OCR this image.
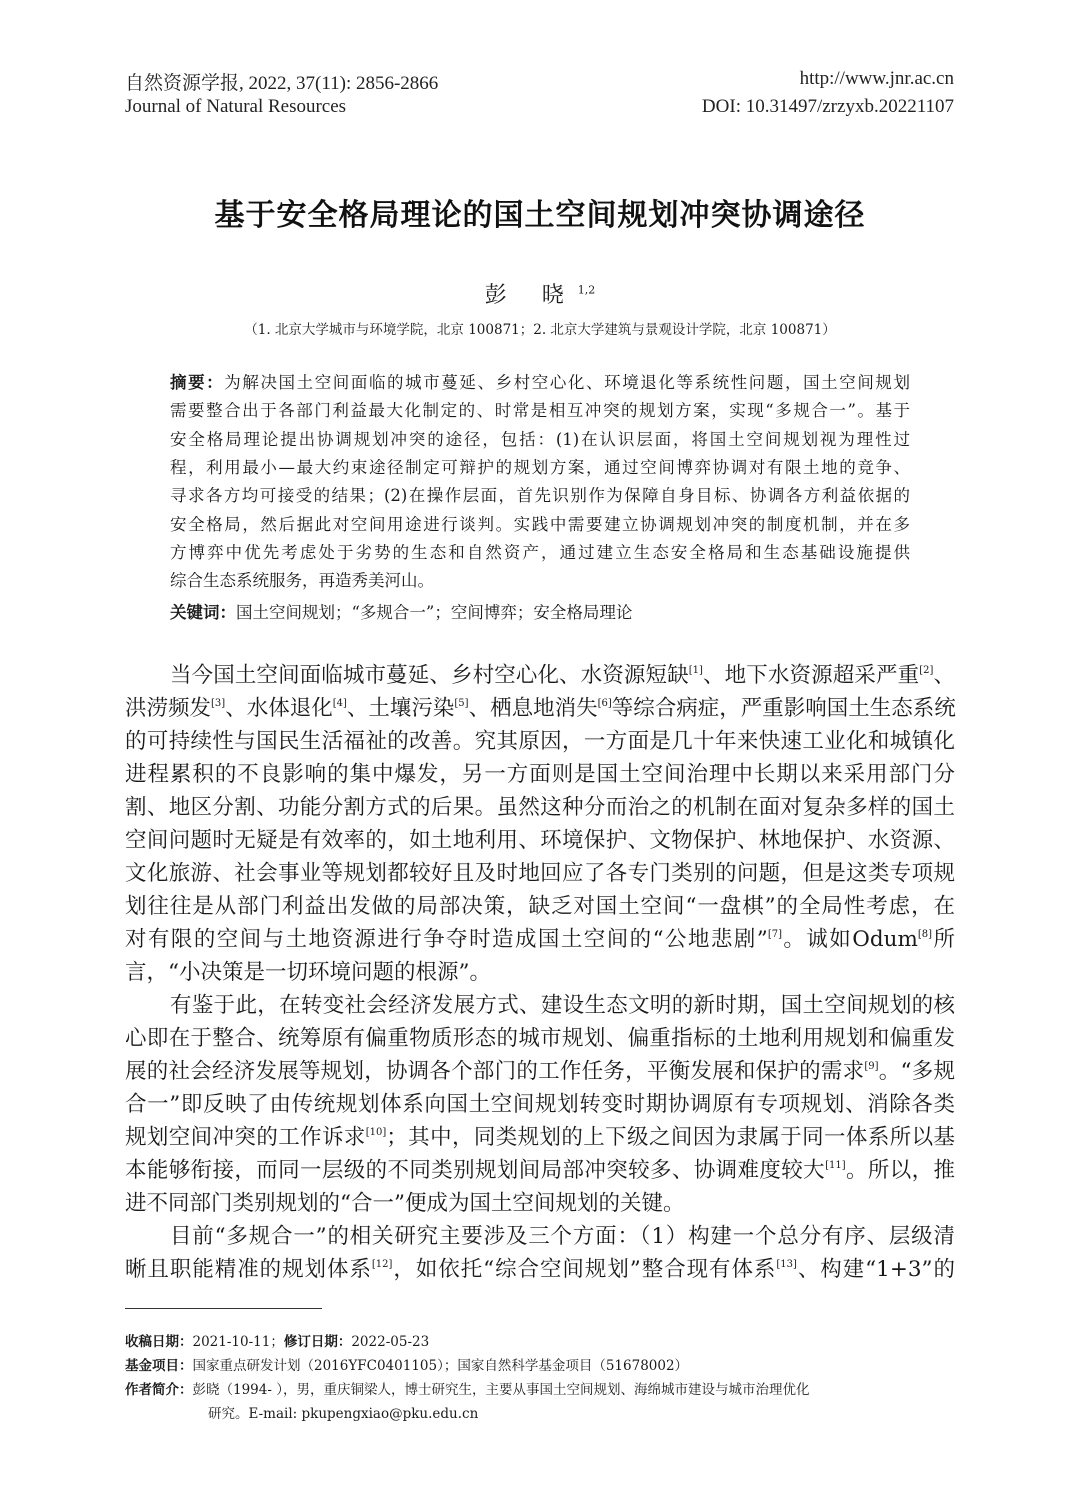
自然资源学报, 2022, 37(11): 2856-2866
Journal of Natural Resources
http://www.jnr.ac.cn
DOI: 10.31497/zrzyxb.20221107
基于安全格局理论的国土空间规划冲突协调途径
彭 晓$^{1,2}$
（1. 北京大学城市与环境学院，北京 100871；2. 北京大学建筑与景观设计学院，北京 100871）
摘要：为解决国土空间面临的城市蔓延、乡村空心化、环境退化等系统性问题，国土空间规划
需要整合出于各部门利益最大化制定的、时常是相互冲突的规划方案，实现“多规合一”。基于
安全格局理论提出协调规划冲突的途径，包括：(1)在认识层面，将国土空间规划视为理性过
程，利用最小—最大约束途径制定可辩护的规划方案，通过空间博弈协调对有限土地的竞争、
寻求各方均可接受的结果；(2)在操作层面，首先识别作为保障自身目标、协调各方利益依据的
安全格局，然后据此对空间用途进行谈判。实践中需要建立协调规划冲突的制度机制，并在多
方博弈中优先考虑处于劣势的生态和自然资产，通过建立生态安全格局和生态基础设施提供
综合生态系统服务，再造秀美河山。
关键词：国土空间规划；“多规合一”；空间博弈；安全格局理论
当今国土空间面临城市蔓延、乡村空心化、水资源短缺[1]、地下水资源超采严重[2]、
洪涝频发[3]、水体退化[4]、土壤污染[5]、栖息地消失[6]等综合病症，严重影响国土生态系统
的可持续性与国民生活福祉的改善。究其原因，一方面是几十年来快速工业化和城镇化
进程累积的不良影响的集中爆发，另一方面则是国土空间治理中长期以来采用部门分
割、地区分割、功能分割方式的后果。虽然这种分而治之的机制在面对复杂多样的国土
空间问题时无疑是有效率的，如土地利用、环境保护、文物保护、林地保护、水资源、
文化旅游、社会事业等规划都较好且及时地回应了各专门类别的问题，但是这类专项规
划往往是从部门利益出发做的局部决策，缺乏对国土空间“一盘棋”的全局性考虑，在
对有限的空间与土地资源进行争夺时造成国土空间的“公地悲剧”[7]。诚如Odum[8]所
言，“小决策是一切环境问题的根源”。
有鉴于此，在转变社会经济发展方式、建设生态文明的新时期，国土空间规划的核
心即在于整合、统筹原有偏重物质形态的城市规划、偏重指标的土地利用规划和偏重发
展的社会经济发展等规划，协调各个部门的工作任务，平衡发展和保护的需求[9]。“多规
合一”即反映了由传统规划体系向国土空间规划转变时期协调原有专项规划、消除各类
规划空间冲突的工作诉求[10]；其中，同类规划的上下级之间因为隶属于同一体系所以基
本能够衔接，而同一层级的不同类别规划间局部冲突较多、协调难度较大[11]。所以，推
进不同部门类别规划的“合一”便成为国土空间规划的关键。
目前“多规合一”的相关研究主要涉及三个方面：（1）构建一个总分有序、层级清
晰且职能精准的规划体系[12]，如依托“综合空间规划”整合现有体系[13]、构建“1+3”的
收稿日期：2021-10-11；修订日期：2022-05-23
基金项目：国家重点研发计划（2016YFC0401105）；国家自然科学基金项目（51678002）
作者简介：彭晓（1994- ），男，重庆铜梁人，博士研究生，主要从事国土空间规划、海绵城市建设与城市治理优化
研究。E-mail: pkupengxiao@pku.edu.cn
